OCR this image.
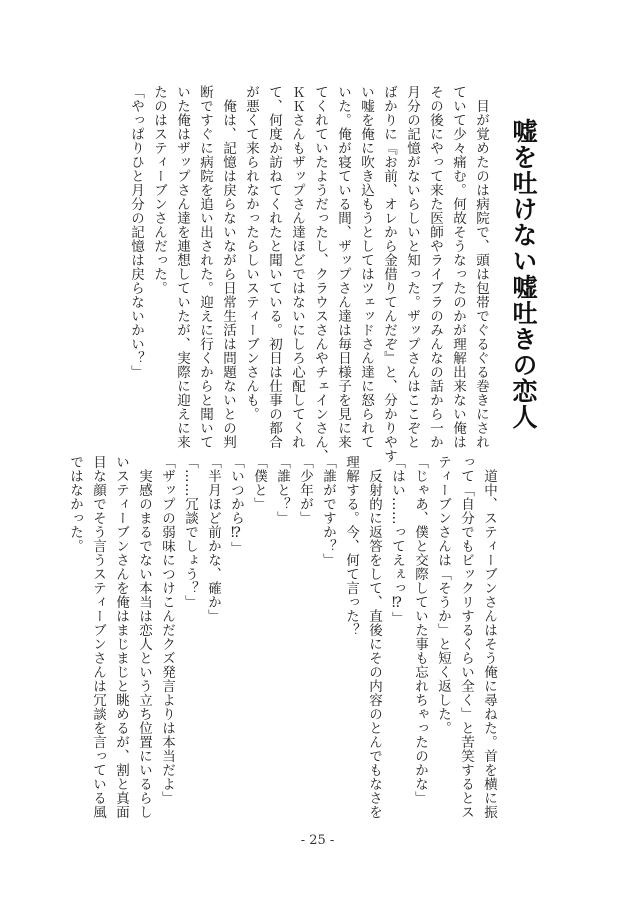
嘘を吐けない嘘吐きの恋人

　目が覚めたのは病院で、頭は包帯でぐるぐる巻きにされ

ていて少々痛む。何故そうなったのかが理解出来ない俺は

その後にやって来た医師やライブラのみんなの話から一か

月分の記憶がないらしいと知った。ザップさんはここぞと

ばかりに『お前、オレから金借りてんだぞ』と、分かりやす

い嘘を俺に吹き込もうとしてはツェッドさん達に怒られて

いた。俺が寝ている間、ザップさん達は毎日様子を見に来

てくれていたようだったし、クラウスさんやチェインさん、

ＫＫさんもザップさん達ほどではないにしろ心配してくれ

て、何度か訪ねてくれたと聞いている。初日は仕事の都合

が悪くて来られなかったらしいスティーブンさんも。

　俺は、記憶は戻らないながら日常生活は問題ないとの判

断ですぐに病院を追い出された。迎えに行くからと聞いて

いた俺はザップさん達を連想していたが、実際に迎えに来

たのはスティーブンさんだった。

「やっぱりひと月分の記憶は戻らないかい？」

　道中、スティーブンさんはそう俺に尋ねた。首を横に振

って「自分でもビックリするくらい全く」と苦笑するとス

ティーブンさんは「そうか」と短く返した。

「じゃあ、僕と交際していた事も忘れちゃったのかな」

「はい……ってえぇっ⁉」

　反射的に返答をして、直後にその内容のとんでもなさを

理解する。今、何て言った？

「誰がですか？」

「少年が」

「誰と？」

「僕と」

「いつから⁉」

「半月ほど前かな、確か」

「……冗談でしょう？」

「ザップの弱味につけこんだクズ発言よりは本当だよ」

　実感のまるでない本当は恋人という立ち位置にいるらし

いスティーブンさんを俺はまじまじと眺めるが、割と真面

目な顔でそう言うスティーブンさんは冗談を言っている風

ではなかった。

- 25 -
